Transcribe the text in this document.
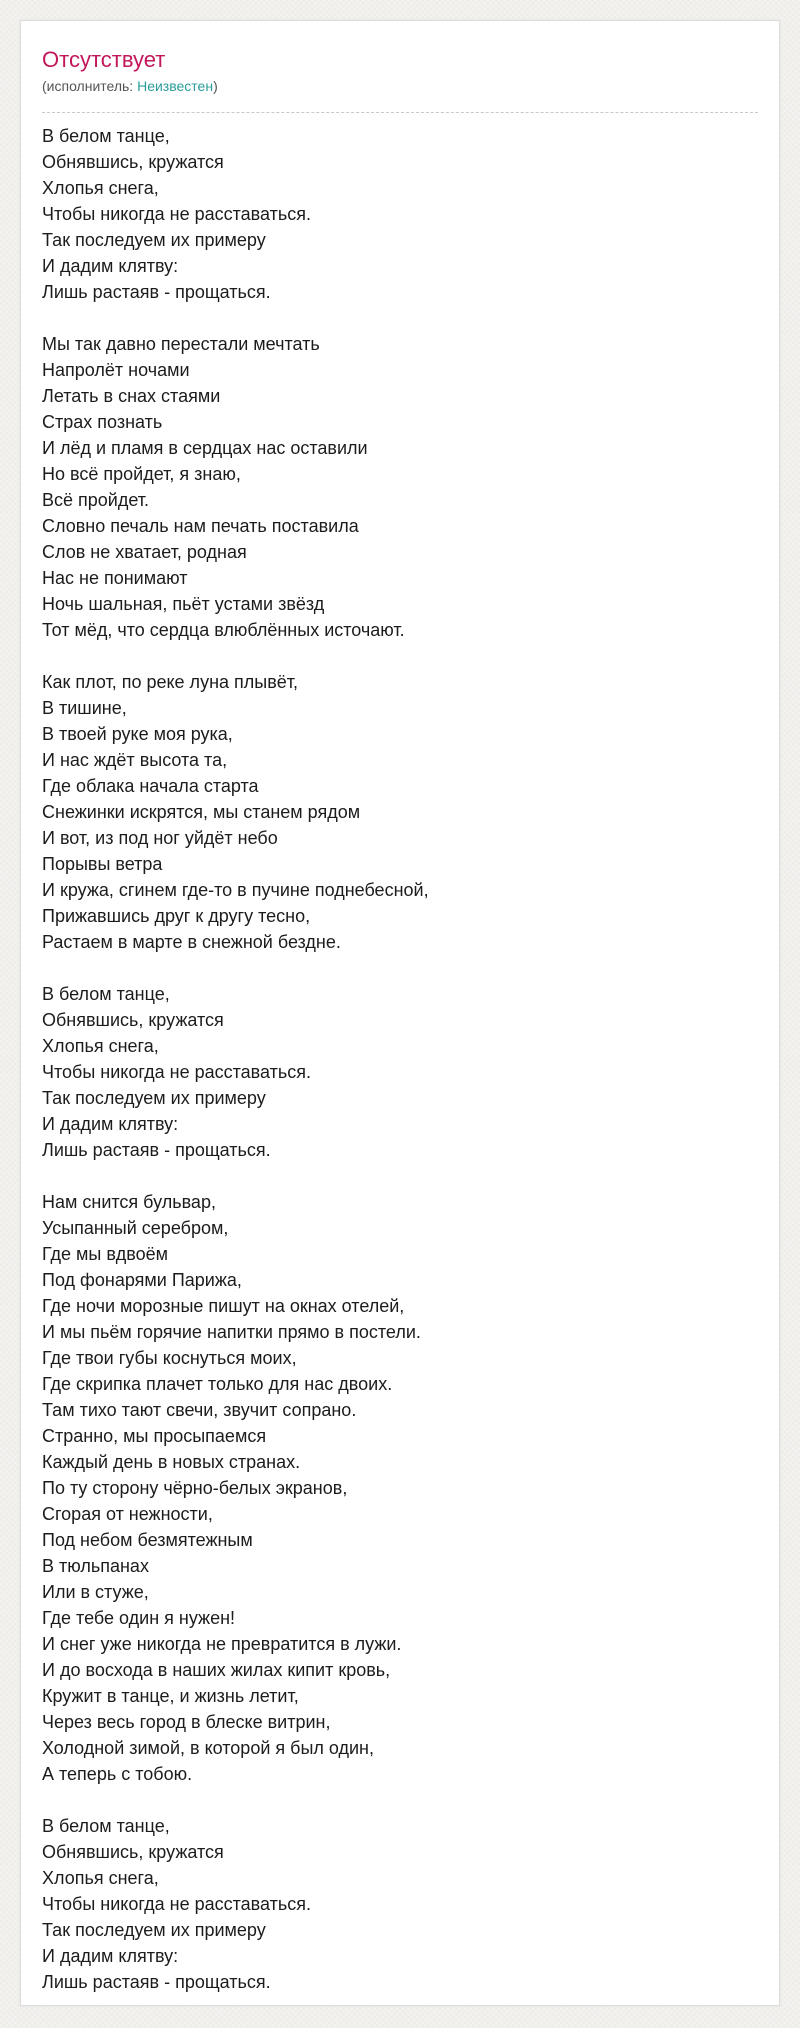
Отсутствует
(исполнитель: Неизвестен)
В белом танце,
Обнявшись, кружатся
Хлопья снега,
Чтобы никогда не расставаться.
Так последуем их примеру
И дадим клятву:
Лишь растаяв - прощаться.
Мы так давно перестали мечтать
Напролёт ночами
Летать в снах стаями
Страх познать
И лёд и пламя в сердцах нас оставили
Но всё пройдет, я знаю,
Всё пройдет.
Словно печаль нам печать поставила
Слов не хватает, родная
Нас не понимают
Ночь шальная, пьёт устами звёзд
Тот мёд, что сердца влюблённых источают.
Как плот, по реке луна плывёт,
В тишине,
В твоей руке моя рука,
И нас ждёт высота та,
Где облака начала старта
Снежинки искрятся, мы станем рядом
И вот, из под ног уйдёт небо
Порывы ветра
И кружа, сгинем где-то в пучине поднебесной,
Прижавшись друг к другу тесно,
Растаем в марте в снежной бездне.
В белом танце,
Обнявшись, кружатся
Хлопья снега,
Чтобы никогда не расставаться.
Так последуем их примеру
И дадим клятву:
Лишь растаяв - прощаться.
Нам снится бульвар,
Усыпанный серебром,
Где мы вдвоём
Под фонарями Парижа,
Где ночи морозные пишут на окнах отелей,
И мы пьём горячие напитки прямо в постели.
Где твои губы коснуться моих,
Где скрипка плачет только для нас двоих.
Там тихо тают свечи, звучит сопрано.
Странно, мы просыпаемся
Каждый день в новых странах.
По ту сторону чёрно-белых экранов,
Сгорая от нежности,
Под небом безмятежным
В тюльпанах
Или в стуже,
Где тебе один я нужен!
И снег уже никогда не превратится в лужи.
И до восхода в наших жилах кипит кровь,
Кружит в танце, и жизнь летит,
Через весь город в блеске витрин,
Холодной зимой, в которой я был один,
А теперь с тобою.
В белом танце,
Обнявшись, кружатся
Хлопья снега,
Чтобы никогда не расставаться.
Так последуем их примеру
И дадим клятву:
Лишь растаяв - прощаться.
